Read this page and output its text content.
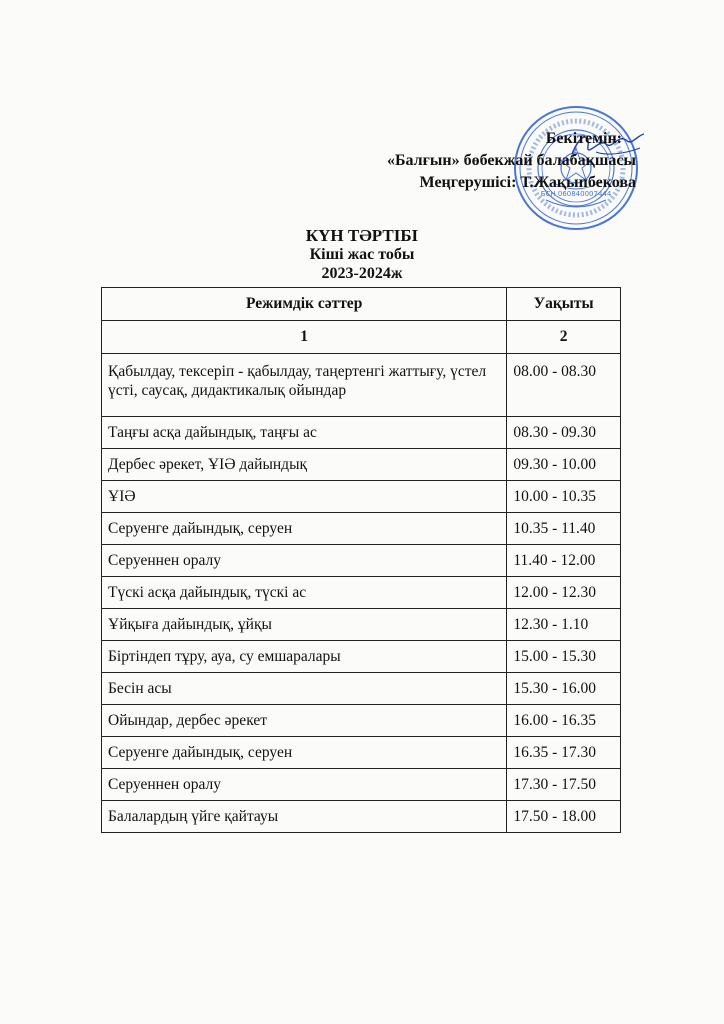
БСН 060840007444
Бекітемін:
«Балғын» бөбекжай балабақшасы
Меңгерушісі: Т.Жақыпбекова
КҮН ТӘРТІБІ
Кіші жас тобы
2023-2024ж
Режимдік сәттер	Уақыты
1	2
Қабылдау, тексеріп - қабылдау, таңертенгі жаттығу, үстел үсті, саусақ, дидактикалық ойындар	08.00 - 08.30
Таңғы асқа дайындық, таңғы ас	08.30 - 09.30
Дербес әрекет, ҰІӘ дайындық	09.30 - 10.00
ҰІӘ	10.00 - 10.35
Серуенге дайындық, серуен	10.35 - 11.40
Серуеннен оралу	11.40 - 12.00
Түскі асқа дайындық, түскі ас	12.00 - 12.30
Ұйқыға дайындық, ұйқы	12.30 - 1.10
Біртіндеп тұру, ауа, су емшаралары	15.00 - 15.30
Бесін асы	15.30 - 16.00
Ойындар, дербес әрекет	16.00 - 16.35
Серуенге дайындық, серуен	16.35 - 17.30
Серуеннен оралу	17.30 - 17.50
Балалардың үйге қайтауы	17.50 - 18.00
